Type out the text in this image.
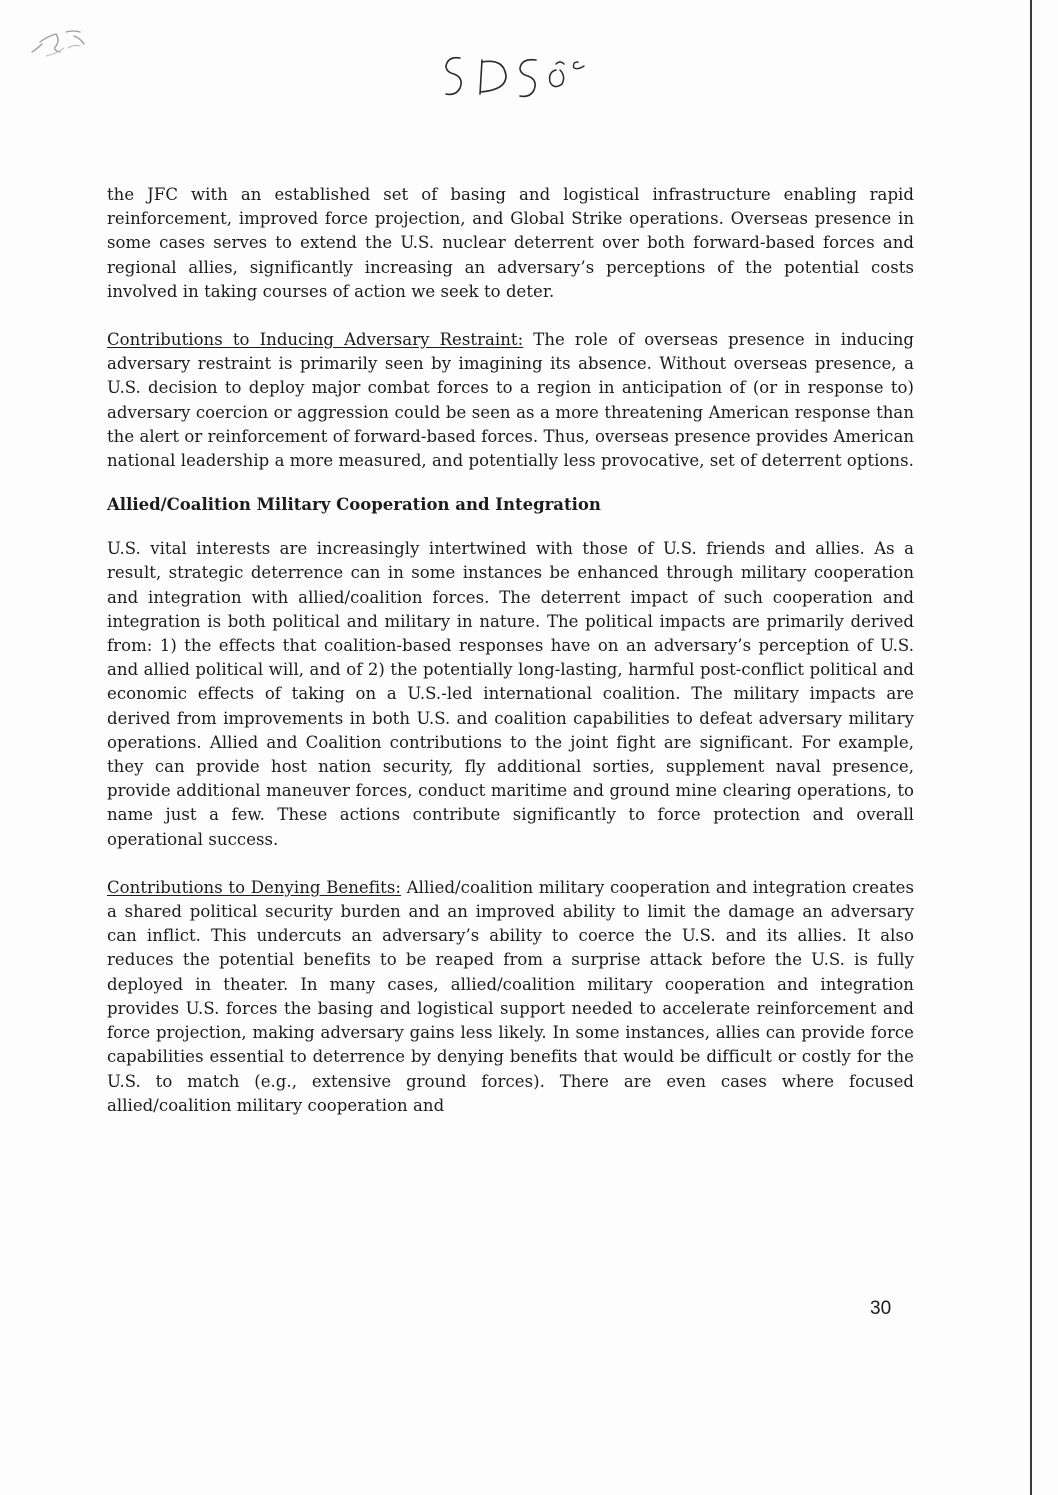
the JFC with an established set of basing and logistical infrastructure enabling rapid reinforcement, improved force projection, and Global Strike operations. Overseas presence in some cases serves to extend the U.S. nuclear deterrent over both forward-based forces and regional allies, significantly increasing an adversary’s perceptions of the potential costs involved in taking courses of action we seek to deter.

Contributions to Inducing Adversary Restraint: The role of overseas presence in inducing adversary restraint is primarily seen by imagining its absence. Without overseas presence, a U.S. decision to deploy major combat forces to a region in anticipation of (or in response to) adversary coercion or aggression could be seen as a more threatening American response than the alert or reinforcement of forward-based forces. Thus, overseas presence provides American national leadership a more measured, and potentially less provocative, set of deterrent options.

Allied/Coalition Military Cooperation and Integration

U.S. vital interests are increasingly intertwined with those of U.S. friends and allies. As a result, strategic deterrence can in some instances be enhanced through military cooperation and integration with allied/coalition forces. The deterrent impact of such cooperation and integration is both political and military in nature. The political impacts are primarily derived from: 1) the effects that coalition-based responses have on an adversary’s perception of U.S. and allied political will, and of 2) the potentially long-lasting, harmful post-conflict political and economic effects of taking on a U.S.-led international coalition. The military impacts are derived from improvements in both U.S. and coalition capabilities to defeat adversary military operations. Allied and Coalition contributions to the joint fight are significant. For example, they can provide host nation security, fly additional sorties, supplement naval presence, provide additional maneuver forces, conduct maritime and ground mine clearing operations, to name just a few. These actions contribute significantly to force protection and overall operational success.

Contributions to Denying Benefits: Allied/coalition military cooperation and integration creates a shared political security burden and an improved ability to limit the damage an adversary can inflict. This undercuts an adversary’s ability to coerce the U.S. and its allies. It also reduces the potential benefits to be reaped from a surprise attack before the U.S. is fully deployed in theater. In many cases, allied/coalition military cooperation and integration provides U.S. forces the basing and logistical support needed to accelerate reinforcement and force projection, making adversary gains less likely. In some instances, allies can provide force capabilities essential to deterrence by denying benefits that would be difficult or costly for the U.S. to match (e.g., extensive ground forces). There are even cases where focused allied/coalition military cooperation and

30
